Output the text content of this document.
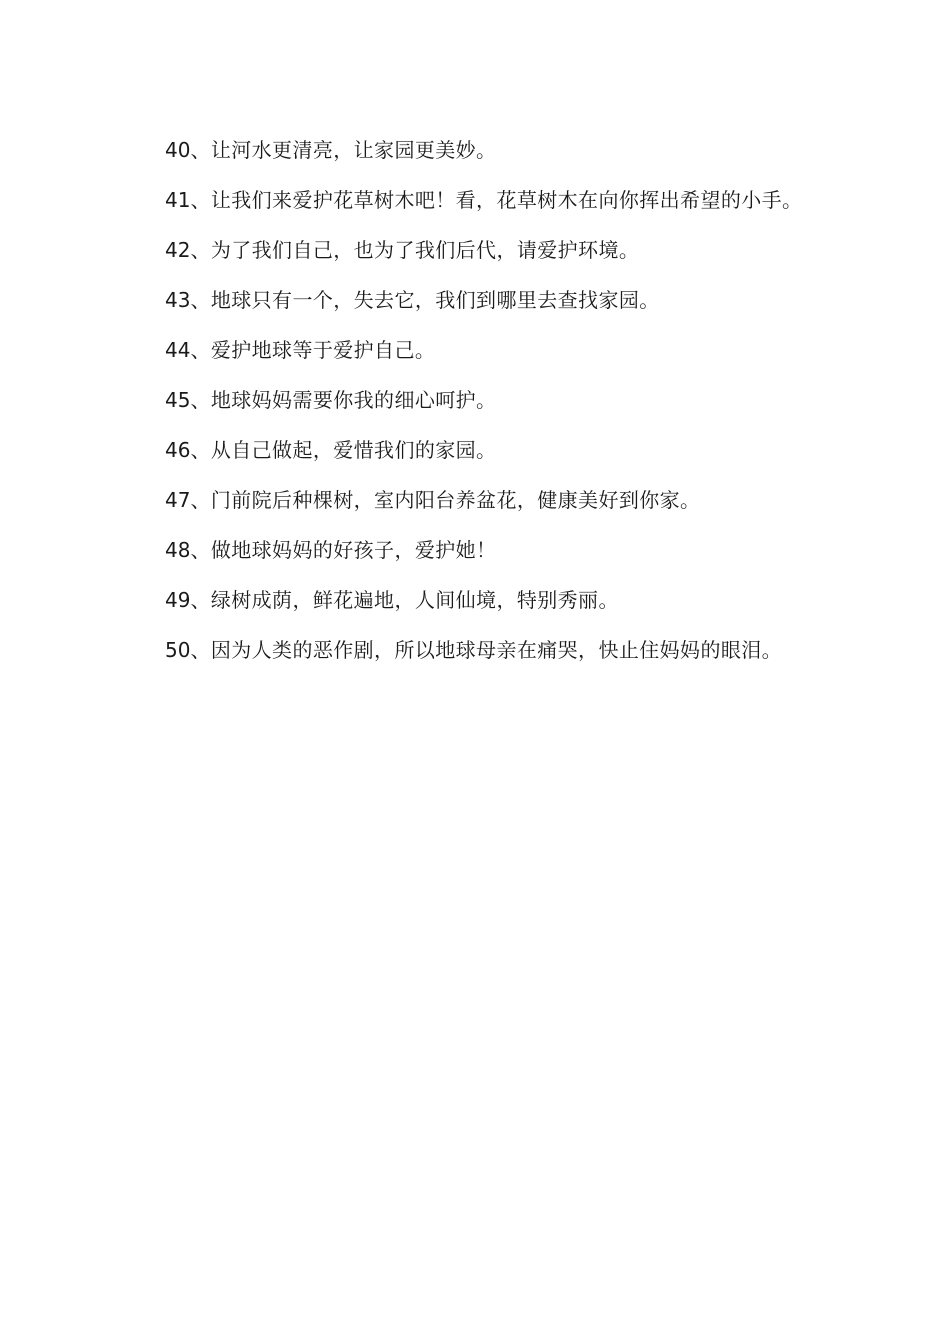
40、让河水更清亮，让家园更美妙。

41、让我们来爱护花草树木吧！看，花草树木在向你挥出希望的小手。

42、为了我们自己，也为了我们后代，请爱护环境。

43、地球只有一个，失去它，我们到哪里去查找家园。

44、爱护地球等于爱护自己。

45、地球妈妈需要你我的细心呵护。

46、从自己做起，爱惜我们的家园。

47、门前院后种棵树，室内阳台养盆花，健康美好到你家。

48、做地球妈妈的好孩子，爱护她！

49、绿树成荫，鲜花遍地，人间仙境，特别秀丽。

50、因为人类的恶作剧，所以地球母亲在痛哭，快止住妈妈的眼泪。
